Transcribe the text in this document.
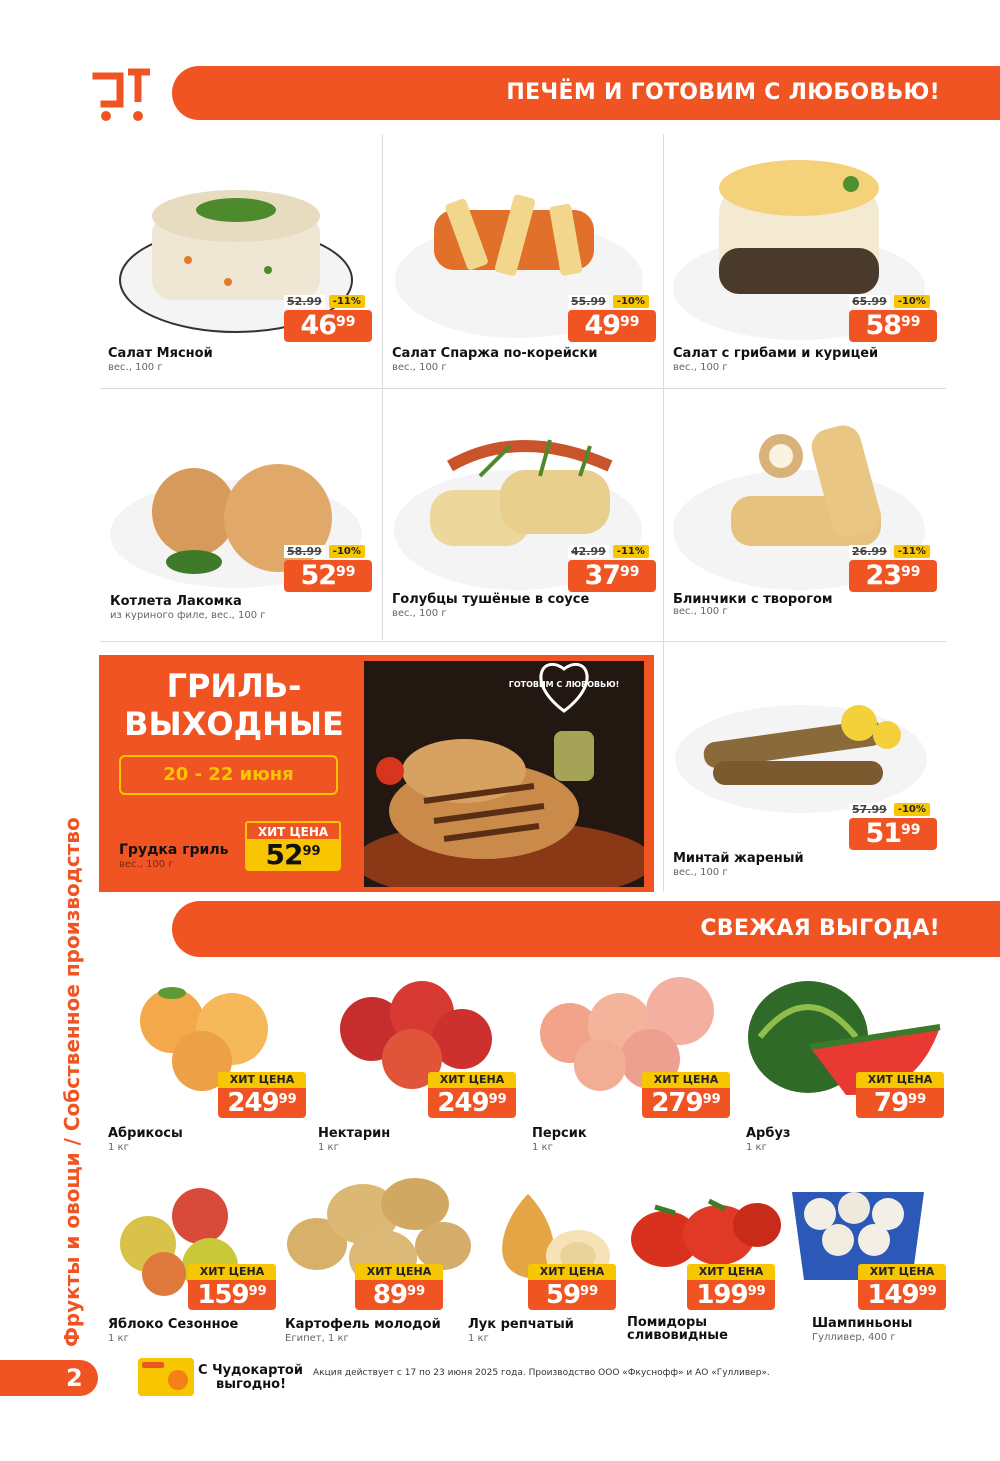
ПЕЧЁМ И ГОТОВИМ С ЛЮБОВЬЮ!
52.99	-11%
$46^{99}$
Салат Мясной
вес., 100 г
55.99	-10%
$49^{99}$
Салат Спаржа по-корейски
вес., 100 г
65.99	-10%
$58^{99}$
Салат с грибами и курицей
вес., 100 г
58.99	-10%
$52^{99}$
Котлета Лакомка
из куриного филе, вес., 100 г
42.99	-11%
$37^{99}$
Голубцы тушёные в соусе
вес., 100 г
26.99	-11%
$23^{99}$
Блинчики с творогом
вес., 100 г
ГРИЛЬ-
ВЫХОДНЫЕ
20 - 22 июня
Грудка гриль
вес., 100 г
ХИТ ЦЕНА
$52^{99}$
ГОТОВИМ С ЛЮБОВЬЮ!
57.99	-10%
$51^{99}$
Минтай жареный
вес., 100 г
СВЕЖАЯ ВЫГОДА!
ХИТ ЦЕНА
$249^{99}$
Абрикосы
1 кг
ХИТ ЦЕНА
$249^{99}$
Нектарин
1 кг
ХИТ ЦЕНА
$279^{99}$
Персик
1 кг
ХИТ ЦЕНА
$79^{99}$
Арбуз
1 кг
ХИТ ЦЕНА
$159^{99}$
Яблоко Сезонное
1 кг
ХИТ ЦЕНА
$89^{99}$
Картофель молодой
Египет, 1 кг
ХИТ ЦЕНА
$59^{99}$
Лук репчатый
1 кг
ХИТ ЦЕНА
$199^{99}$
Помидоры сливовидные
ХИТ ЦЕНА
$149^{99}$
Шампиньоны
Гулливер, 400 г
Фрукты и овощи / Собственное производство
2	С Чудокартой
выгодно!
Акция действует с 17 по 23 июня 2025 года. Производство ООО «Фкуснофф» и АО «Гулливер».
